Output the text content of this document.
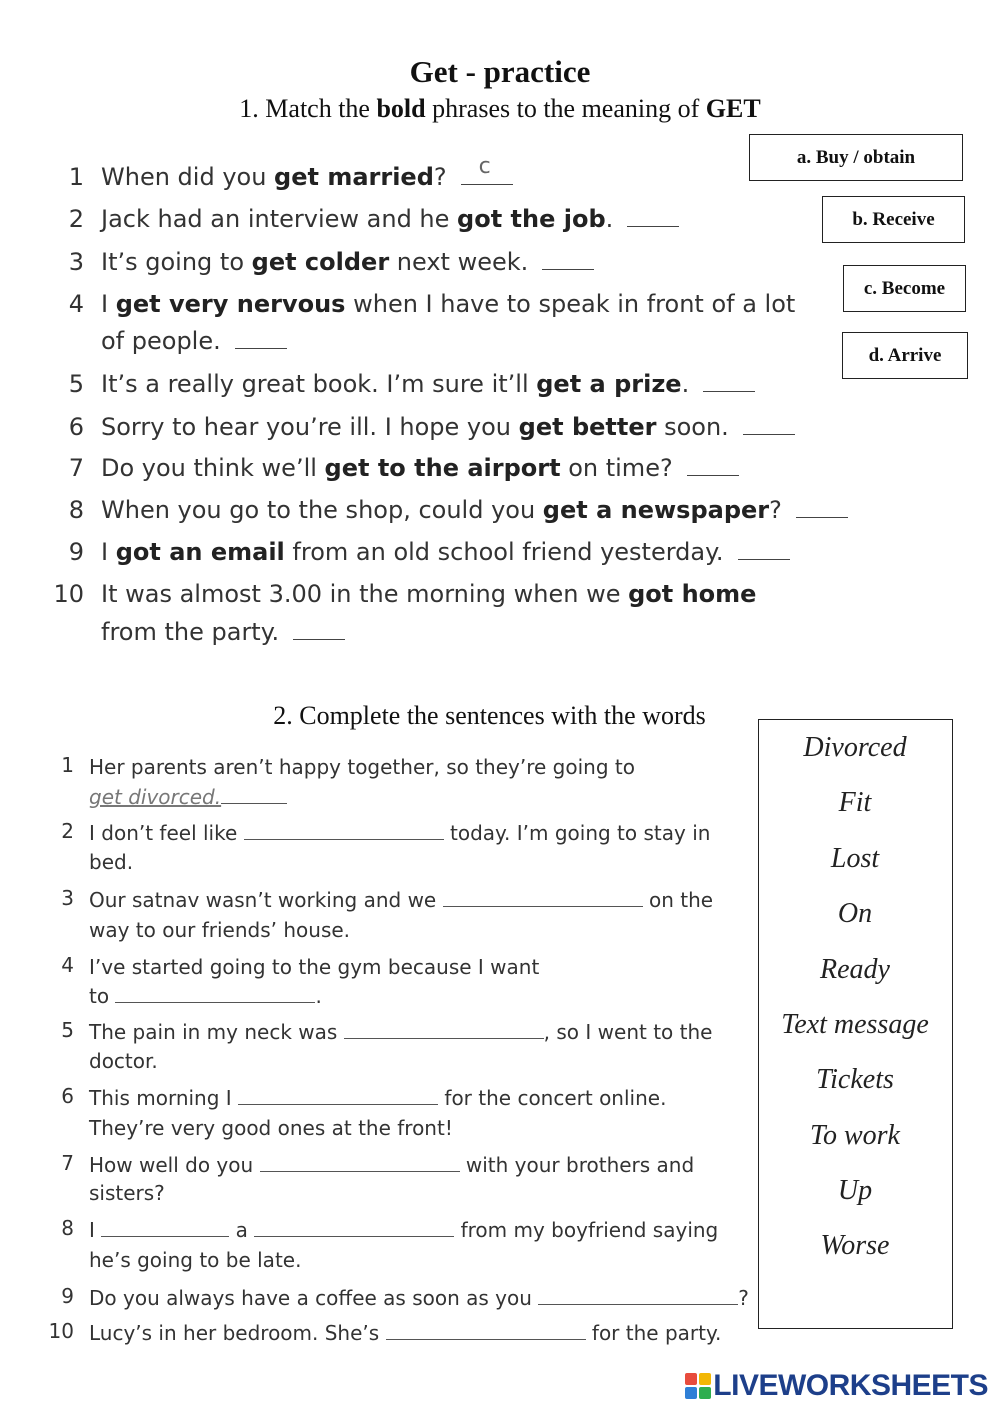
Get - practice
1. Match the bold phrases to the meaning of GET
a. Buy / obtain
b. Receive
c. Become
d. Arrive
1 When did you get married? c
2 Jack had an interview and he got the job.
3 It’s going to get colder next week.
4 I get very nervous when I have to speak in front of a lot
of people.
5 It’s a really great book. I’m sure it’ll get a prize.
6 Sorry to hear you’re ill. I hope you get better soon.
7 Do you think we’ll get to the airport on time?
8 When you go to the shop, could you get a newspaper?
9 I got an email from an old school friend yesterday.
10 It was almost 3.00 in the morning when we got home
from the party.
2. Complete the sentences with the words
1 Her parents aren’t happy together, so they’re going to
get divorced.
2 I don’t feel like	today. I’m going to stay in
bed.
3 Our satnav wasn’t working and we	on the
way to our friends’ house.
4 I’ve started going to the gym because I want
to	.
5 The pain in my neck was	, so I went to the
doctor.
6 This morning I	for the concert online.
They’re very good ones at the front!
7 How well do you	with your brothers and
sisters?
8 I	a	from my boyfriend saying
he’s going to be late.
9 Do you always have a coffee as soon as you	?
10 Lucy’s in her bedroom. She’s	for the party.
Divorced
Fit
Lost
On
Ready
Text message
Tickets
To work
Up
Worse
LIVEWORKSHEETS
